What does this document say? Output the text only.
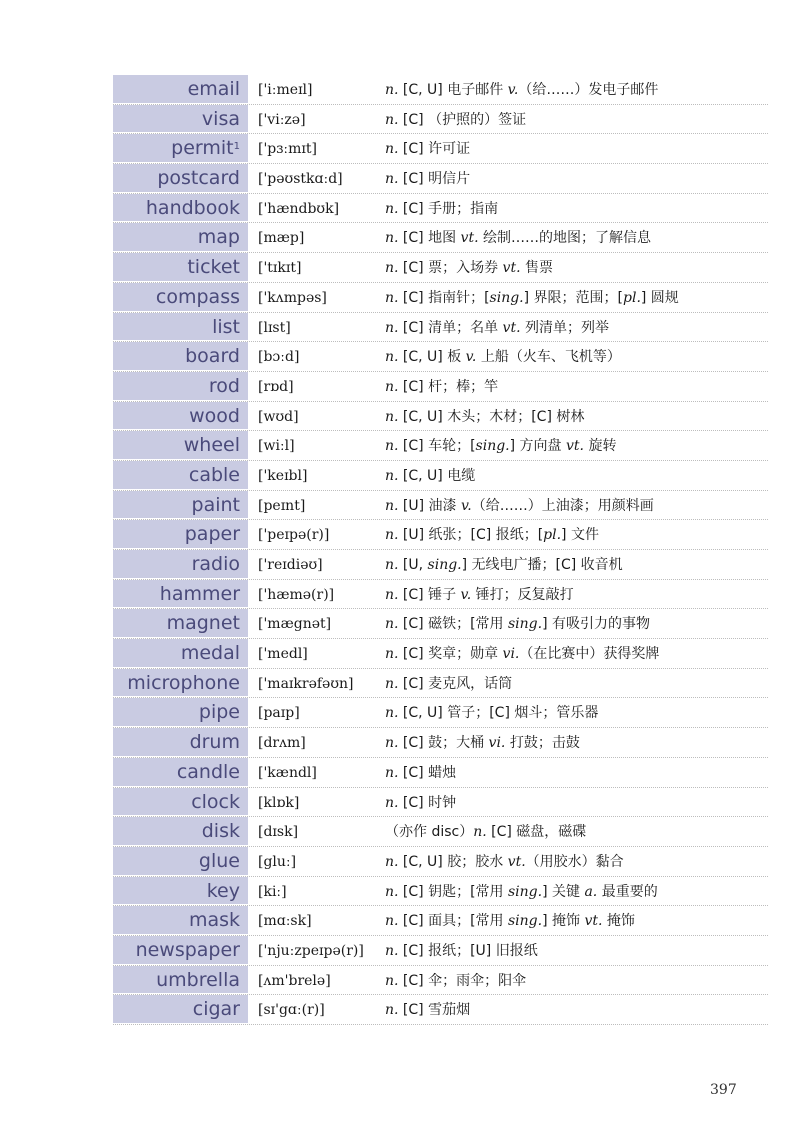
email	['iːmeɪl]	n. [C, U] 电子邮件 v.（给……）发电子邮件
visa	['viːzə]	n. [C] （护照的）签证
permit$^1$	['pɜːmɪt]	n. [C] 许可证
postcard	['pəʊstkɑːd]	n. [C] 明信片
handbook	['hændbʊk]	n. [C] 手册；指南
map	[mæp]	n. [C] 地图 vt. 绘制……的地图；了解信息
ticket	['tɪkɪt]	n. [C] 票；入场券 vt. 售票
compass	['kʌmpəs]	n. [C] 指南针；[sing.] 界限；范围；[pl.] 圆规
list	[lɪst]	n. [C] 清单；名单 vt. 列清单；列举
board	[bɔːd]	n. [C, U] 板 v. 上船（火车、飞机等）
rod	[rɒd]	n. [C] 杆；棒；竿
wood	[wʊd]	n. [C, U] 木头；木材；[C] 树林
wheel	[wiːl]	n. [C] 车轮；[sing.] 方向盘 vt. 旋转
cable	['keɪbl]	n. [C, U] 电缆
paint	[peɪnt]	n. [U] 油漆 v.（给……）上油漆；用颜料画
paper	['peɪpə(r)]	n. [U] 纸张；[C] 报纸；[pl.] 文件
radio	['reɪdiəʊ]	n. [U, sing.] 无线电广播；[C] 收音机
hammer	['hæmə(r)]	n. [C] 锤子 v. 锤打；反复敲打
magnet	['mægnət]	n. [C] 磁铁；[常用 sing.] 有吸引力的事物
medal	['medl]	n. [C] 奖章；勋章 vi.（在比赛中）获得奖牌
microphone	['maɪkrəfəʊn]	n. [C] 麦克风，话筒
pipe	[paɪp]	n. [C, U] 管子；[C] 烟斗；管乐器
drum	[drʌm]	n. [C] 鼓；大桶 vi. 打鼓；击鼓
candle	['kændl]	n. [C] 蜡烛
clock	[klɒk]	n. [C] 时钟
disk	[dɪsk]	（亦作 disc）n. [C] 磁盘，磁碟
glue	[gluː]	n. [C, U] 胶；胶水 vt.（用胶水）黏合
key	[kiː]	n. [C] 钥匙；[常用 sing.] 关键 a. 最重要的
mask	[mɑːsk]	n. [C] 面具；[常用 sing.] 掩饰 vt. 掩饰
newspaper	['njuːzpeɪpə(r)]	n. [C] 报纸；[U] 旧报纸
umbrella	[ʌm'brelə]	n. [C] 伞；雨伞；阳伞
cigar	[sɪ'gɑː(r)]	n. [C] 雪茄烟
397
